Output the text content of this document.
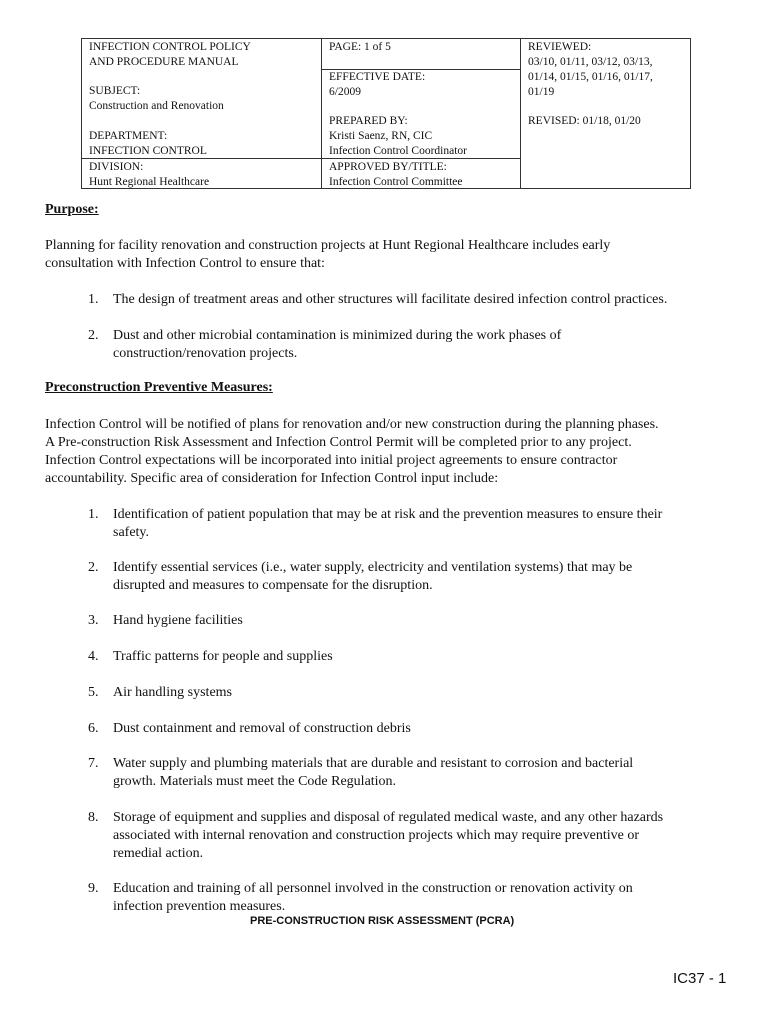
INFECTION CONTROL POLICY
AND PROCEDURE MANUAL
SUBJECT:
Construction and Renovation
DEPARTMENT:
INFECTION CONTROL
DIVISION:
Hunt Regional Healthcare
PAGE: 1 of 5
EFFECTIVE DATE:
6/2009
PREPARED BY:
Kristi Saenz, RN, CIC
Infection Control Coordinator
APPROVED BY/TITLE:
Infection Control Committee
REVIEWED:
03/10, 01/11, 03/12, 03/13,
01/14, 01/15, 01/16, 01/17,
01/19
REVISED: 01/18, 01/20
Purpose:
Planning for facility renovation and construction projects at Hunt Regional Healthcare includes early
consultation with Infection Control to ensure that:
1. The design of treatment areas and other structures will facilitate desired infection control practices.
2. Dust and other microbial contamination is minimized during the work phases of
construction/renovation projects.
Preconstruction Preventive Measures:
Infection Control will be notified of plans for renovation and/or new construction during the planning phases.
A Pre-construction Risk Assessment and Infection Control Permit will be completed prior to any project.
Infection Control expectations will be incorporated into initial project agreements to ensure contractor
accountability. Specific area of consideration for Infection Control input include:
1. Identification of patient population that may be at risk and the prevention measures to ensure their
safety.
2. Identify essential services (i.e., water supply, electricity and ventilation systems) that may be
disrupted and measures to compensate for the disruption.
3. Hand hygiene facilities
4. Traffic patterns for people and supplies
5. Air handling systems
6. Dust containment and removal of construction debris
7. Water supply and plumbing materials that are durable and resistant to corrosion and bacterial
growth. Materials must meet the Code Regulation.
8. Storage of equipment and supplies and disposal of regulated medical waste, and any other hazards
associated with internal renovation and construction projects which may require preventive or
remedial action.
9. Education and training of all personnel involved in the construction or renovation activity on
infection prevention measures.
PRE-CONSTRUCTION RISK ASSESSMENT (PCRA)
IC37 - 1
